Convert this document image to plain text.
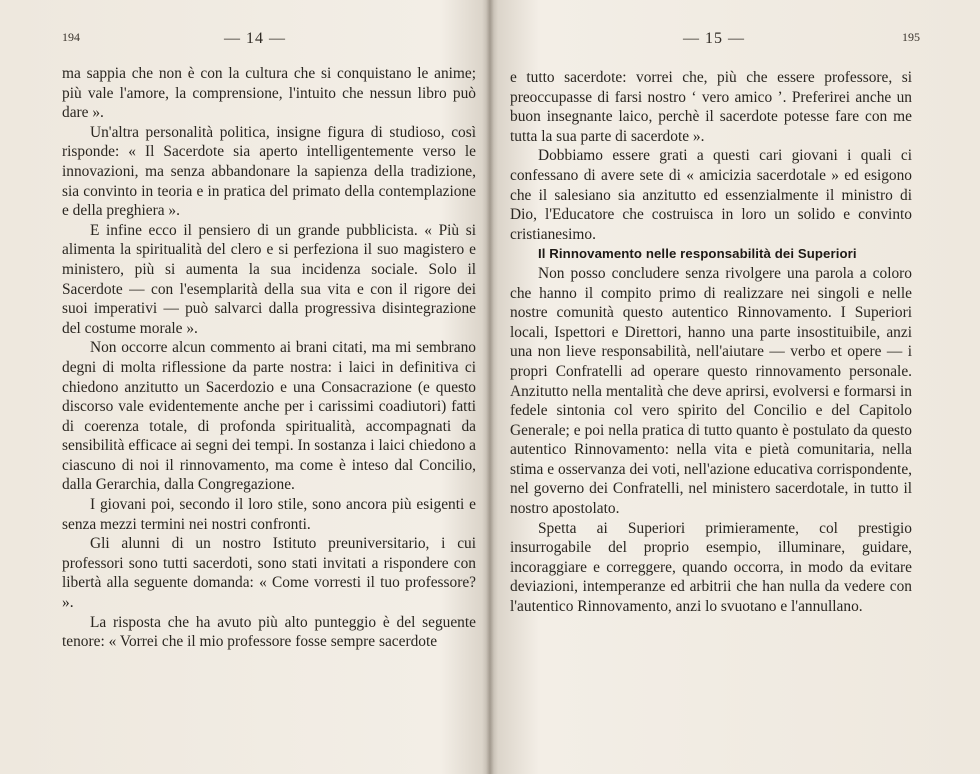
194	— 14 —

ma sappia che non è con la cultura che si conquistano le anime; più vale l'amore, la comprensione, l'intuito che nessun libro può dare ».

Un'altra personalità politica, insigne figura di studioso, così risponde: « Il Sacerdote sia aperto intelligentemente verso le innovazioni, ma senza abbandonare la sapienza della tradizione, sia convinto in teoria e in pratica del primato della contemplazione e della preghiera ».

E infine ecco il pensiero di un grande pubblicista. « Più si alimenta la spiritualità del clero e si perfeziona il suo magistero e ministero, più si aumenta la sua incidenza sociale. Solo il Sacerdote — con l'esemplarità della sua vita e con il rigore dei suoi imperativi — può salvarci dalla progressiva disintegrazione del costume morale ».

Non occorre alcun commento ai brani citati, ma mi sembrano degni di molta riflessione da parte nostra: i laici in definitiva ci chiedono anzitutto un Sacerdozio e una Consacrazione (e questo discorso vale evidentemente anche per i carissimi coadiutori) fatti di coerenza totale, di profonda spiritualità, accompagnati da sensibilità efficace ai segni dei tempi. In sostanza i laici chiedono a ciascuno di noi il rinnovamento, ma come è inteso dal Concilio, dalla Gerarchia, dalla Congregazione.

I giovani poi, secondo il loro stile, sono ancora più esigenti e senza mezzi termini nei nostri confronti.

Gli alunni di un nostro Istituto preuniversitario, i cui professori sono tutti sacerdoti, sono stati invitati a rispondere con libertà alla seguente domanda: « Come vorresti il tuo professore? ».

La risposta che ha avuto più alto punteggio è del seguente tenore: « Vorrei che il mio professore fosse sempre sacerdote

— 15 —	195

e tutto sacerdote: vorrei che, più che essere professore, si preoccupasse di farsi nostro ‘ vero amico ’. Preferirei anche un buon insegnante laico, perchè il sacerdote potesse fare con me tutta la sua parte di sacerdote ».

Dobbiamo essere grati a questi cari giovani i quali ci confessano di avere sete di « amicizia sacerdotale » ed esigono che il salesiano sia anzitutto ed essenzialmente il ministro di Dio, l'Educatore che costruisca in loro un solido e convinto cristianesimo.

Il Rinnovamento nelle responsabilità dei Superiori

Non posso concludere senza rivolgere una parola a coloro che hanno il compito primo di realizzare nei singoli e nelle nostre comunità questo autentico Rinnovamento. I Superiori locali, Ispettori e Direttori, hanno una parte insostituibile, anzi una non lieve responsabilità, nell'aiutare — verbo et opere — i propri Confratelli ad operare questo rinnovamento personale. Anzitutto nella mentalità che deve aprirsi, evolversi e formarsi in fedele sintonia col vero spirito del Concilio e del Capitolo Generale; e poi nella pratica di tutto quanto è postulato da questo autentico Rinnovamento: nella vita e pietà comunitaria, nella stima e osservanza dei voti, nell'azione educativa corrispondente, nel governo dei Confratelli, nel ministero sacerdotale, in tutto il nostro apostolato.

Spetta ai Superiori primieramente, col prestigio insurrogabile del proprio esempio, illuminare, guidare, incoraggiare e correggere, quando occorra, in modo da evitare deviazioni, intemperanze ed arbitrii che han nulla da vedere con l'autentico Rinnovamento, anzi lo svuotano e l'annullano.
